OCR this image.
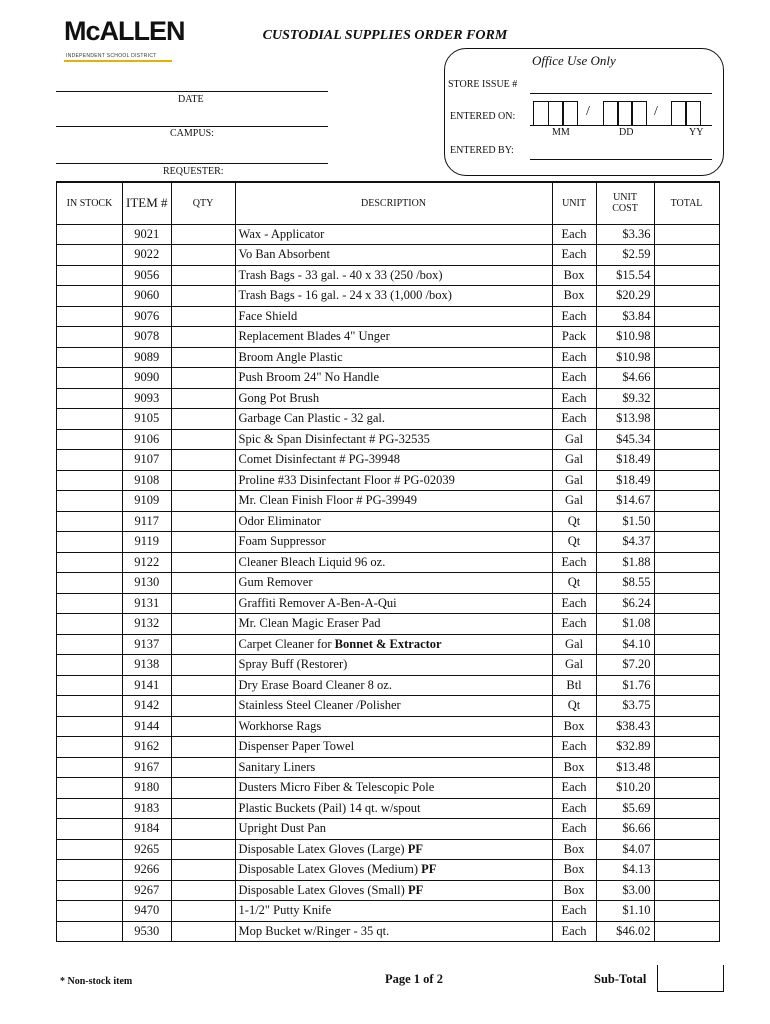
McALLEN
INDEPENDENT SCHOOL DISTRICT
CUSTODIAL SUPPLIES ORDER FORM
DATE
CAMPUS:
REQUESTER:
Office Use Only
STORE ISSUE #
ENTERED ON:	/	/
MM	DD	YY
ENTERED BY:
IN STOCK	ITEM #	QTY	DESCRIPTION	UNIT	UNIT
COST	TOTAL
	9021		Wax - Applicator	Each	$3.36	
	9022		Vo Ban Absorbent	Each	$2.59	
	9056		Trash Bags - 33 gal. - 40 x 33 (250 /box)	Box	$15.54	
	9060		Trash Bags - 16 gal. - 24 x 33 (1,000 /box)	Box	$20.29	
	9076		Face Shield	Each	$3.84	
	9078		Replacement Blades 4" Unger	Pack	$10.98	
	9089		Broom Angle Plastic	Each	$10.98	
	9090		Push Broom 24" No Handle	Each	$4.66	
	9093		Gong Pot Brush	Each	$9.32	
	9105		Garbage Can Plastic - 32 gal.	Each	$13.98	
	9106		Spic & Span Disinfectant # PG-32535	Gal	$45.34	
	9107		Comet Disinfectant # PG-39948	Gal	$18.49	
	9108		Proline #33 Disinfectant Floor # PG-02039	Gal	$18.49	
	9109		Mr. Clean Finish Floor # PG-39949	Gal	$14.67	
	9117		Odor Eliminator	Qt	$1.50	
	9119		Foam Suppressor	Qt	$4.37	
	9122		Cleaner Bleach Liquid 96 oz.	Each	$1.88	
	9130		Gum Remover	Qt	$8.55	
	9131		Graffiti Remover A-Ben-A-Qui	Each	$6.24	
	9132		Mr. Clean Magic Eraser Pad	Each	$1.08	
	9137		Carpet Cleaner for Bonnet & Extractor	Gal	$4.10	
	9138		Spray Buff (Restorer)	Gal	$7.20	
	9141		Dry Erase Board Cleaner 8 oz.	Btl	$1.76	
	9142		Stainless Steel Cleaner /Polisher	Qt	$3.75	
	9144		Workhorse Rags	Box	$38.43	
	9162		Dispenser Paper Towel	Each	$32.89	
	9167		Sanitary Liners	Box	$13.48	
	9180		Dusters Micro Fiber & Telescopic Pole	Each	$10.20	
	9183		Plastic Buckets (Pail) 14 qt. w/spout	Each	$5.69	
	9184		Upright Dust Pan	Each	$6.66	
	9265		Disposable Latex Gloves (Large) PF	Box	$4.07	
	9266		Disposable Latex Gloves (Medium) PF	Box	$4.13	
	9267		Disposable Latex Gloves (Small) PF	Box	$3.00	
	9470		1-1/2" Putty Knife	Each	$1.10	
	9530		Mop Bucket w/Ringer - 35 qt.	Each	$46.02	
* Non-stock item	Page 1 of 2	Sub-Total
